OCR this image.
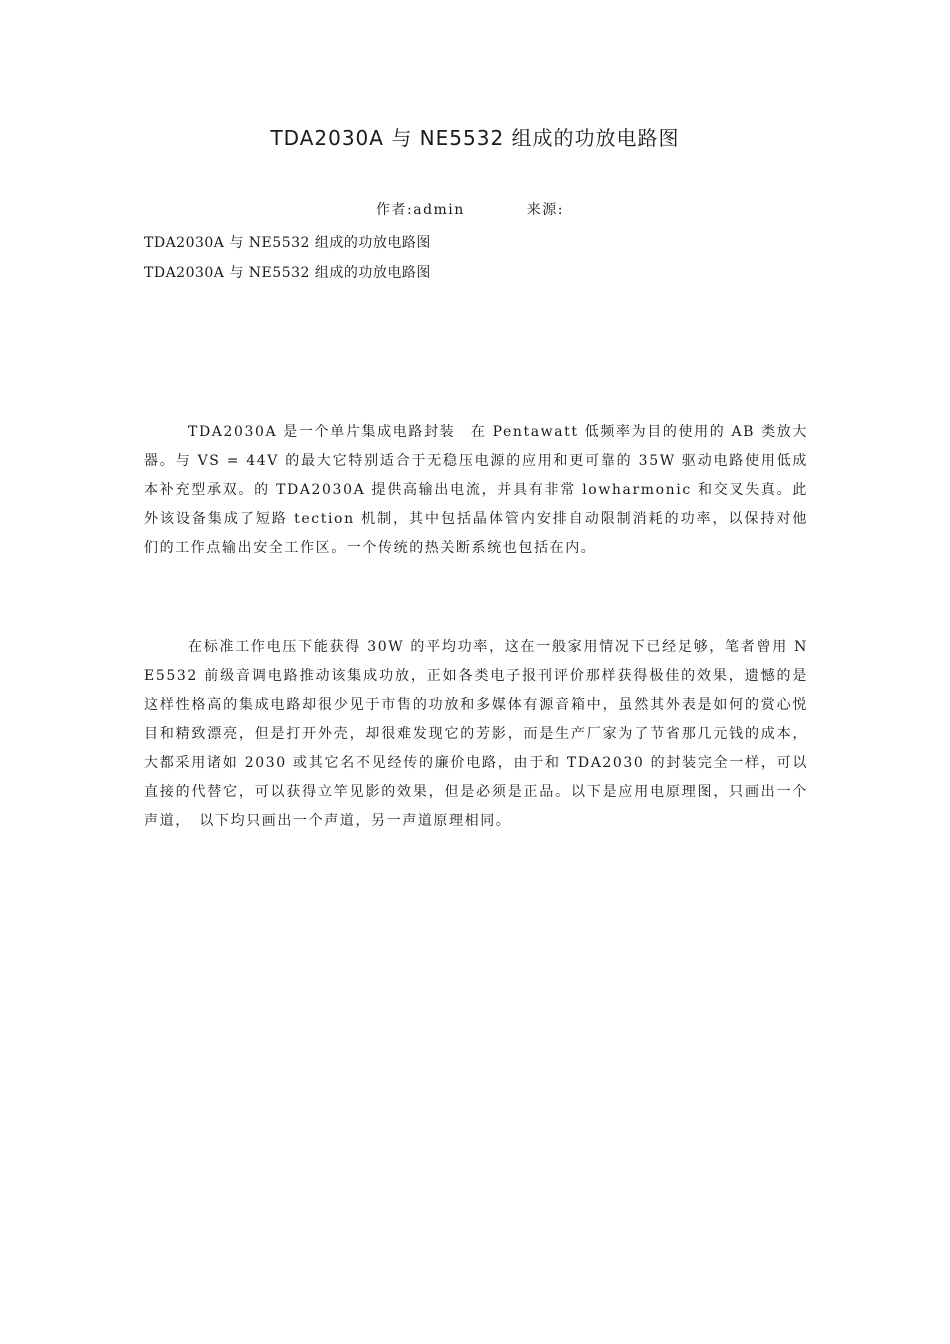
TDA2030A 与 NE5532 组成的功放电路图
作者:admin	来源:
TDA2030A 与 NE5532 组成的功放电路图
TDA2030A 与 NE5532 组成的功放电路图

TDA2030A 是一个单片集成电路封装　在 Pentawatt 低频率为目的使用的 AB 类放大器。与 VS = 44V 的最大它特别适合于无稳压电源的应用和更可靠的 35W 驱动电路使用低成本补充型承双。的 TDA2030A 提供高输出电流，并具有非常 lowharmonic 和交叉失真。此外该设备集成了短路 tection 机制，其中包括晶体管内安排自动限制消耗的功率，以保持对他们的工作点输出安全工作区。一个传统的热关断系统也包括在内。

在标准工作电压下能获得 30W 的平均功率，这在一般家用情况下已经足够，笔者曾用 NE5532 前级音调电路推动该集成功放，正如各类电子报刊评价那样获得极佳的效果，遗憾的是这样性格高的集成电路却很少见于市售的功放和多媒体有源音箱中，虽然其外表是如何的赏心悦目和精致漂亮，但是打开外壳，却很难发现它的芳影，而是生产厂家为了节省那几元钱的成本，大都采用诸如 2030 或其它名不见经传的廉价电路，由于和 TDA2030 的封装完全一样，可以直接的代替它，可以获得立竿见影的效果，但是必须是正品。以下是应用电原理图，只画出一个声道，　以下均只画出一个声道，另一声道原理相同。
